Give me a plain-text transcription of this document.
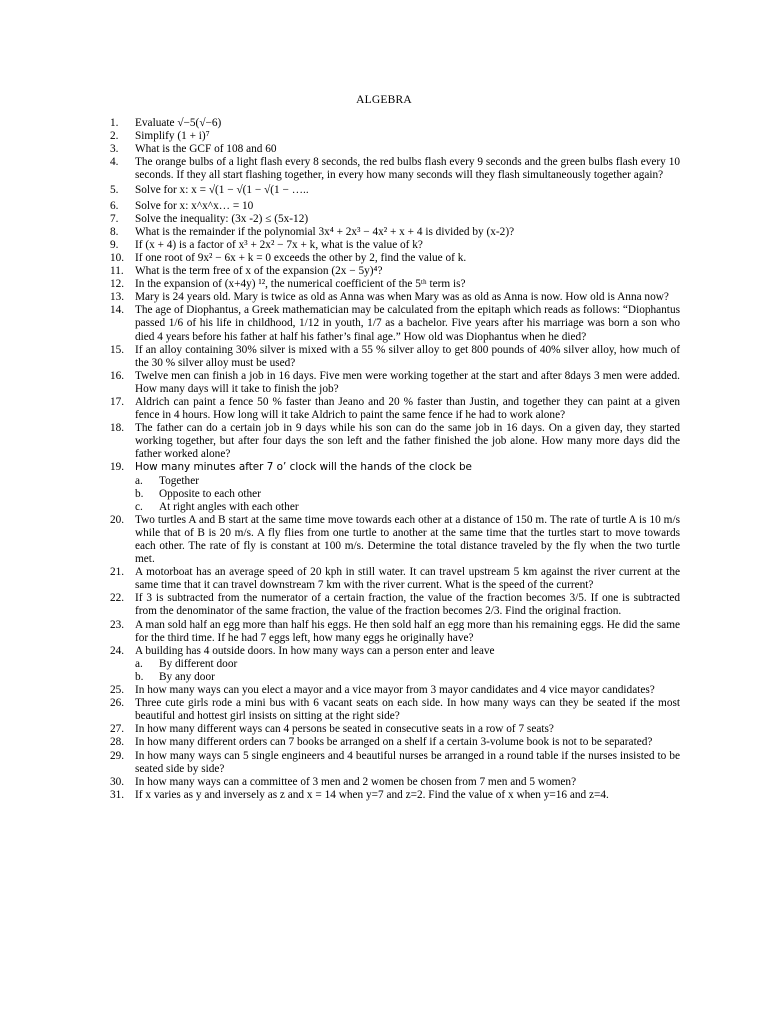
ALGEBRA
1.	Evaluate √−5(√−6)
2.	Simplify (1 + i)⁷
3.	What is the GCF of 108 and 60
4.	The orange bulbs of a light flash every 8 seconds, the red bulbs flash every 9 seconds and the green bulbs flash every 10 seconds. If they all start flashing together, in every how many seconds will they flash simultaneously together again?
5.	Solve for x: x = √(1 − √(1 − √(1 − …..
6.	Solve for x: x^x^x… = 10
7.	Solve the inequality: (3x -2) ≤ (5x-12)
8.	What is the remainder if the polynomial 3x⁴ + 2x³ − 4x² + x + 4 is divided by (x-2)?
9.	If (x + 4) is a factor of x³ + 2x² − 7x + k, what is the value of k?
10. If one root of 9x² − 6x + k = 0 exceeds the other by 2, find the value of k.
11. What is the term free of x of the expansion (2x − 5y)⁴?
12. In the expansion of (x+4y) ¹², the numerical coefficient of the 5ᵗʰ term is?
13. Mary is 24 years old. Mary is twice as old as Anna was when Mary was as old as Anna is now. How old is Anna now?
14. The age of Diophantus, a Greek mathematician may be calculated from the epitaph which reads as follows: “Diophantus passed 1/6 of his life in childhood, 1/12 in youth, 1/7 as a bachelor. Five years after his marriage was born a son who died 4 years before his father at half his father’s final age.” How old was Diophantus when he died?
15. If an alloy containing 30% silver is mixed with a 55 % silver alloy to get 800 pounds of 40% silver alloy, how much of the 30 % silver alloy must be used?
16. Twelve men can finish a job in 16 days. Five men were working together at the start and after 8days 3 men were added. How many days will it take to finish the job?
17. Aldrich can paint a fence 50 % faster than Jeano and 20 % faster than Justin, and together they can paint at a given fence in 4 hours. How long will it take Aldrich to paint the same fence if he had to work alone?
18. The father can do a certain job in 9 days while his son can do the same job in 16 days. On a given day, they started working together, but after four days the son left and the father finished the job alone. How many more days did the father worked alone?
19.	How many minutes after 7 o’ clock will the hands of the clock be
a. Together
b. Opposite to each other
c. At right angles with each other
20. Two turtles A and B start at the same time move towards each other at a distance of 150 m. The rate of turtle A is 10 m/s while that of B is 20 m/s. A fly flies from one turtle to another at the same time that the turtles start to move towards each other. The rate of fly is constant at 100 m/s. Determine the total distance traveled by the fly when the two turtle met.
21. A motorboat has an average speed of 20 kph in still water. It can travel upstream 5 km against the river current at the same time that it can travel downstream 7 km with the river current. What is the speed of the current?
22. If 3 is subtracted from the numerator of a certain fraction, the value of the fraction becomes 3/5. If one is subtracted from the denominator of the same fraction, the value of the fraction becomes 2/3. Find the original fraction.
23. A man sold half an egg more than half his eggs. He then sold half an egg more than his remaining eggs. He did the same for the third time. If he had 7 eggs left, how many eggs he originally have?
24. A building has 4 outside doors. In how many ways can a person enter and leave
a. By different door
b. By any door
25. In how many ways can you elect a mayor and a vice mayor from 3 mayor candidates and 4 vice mayor candidates?
26. Three cute girls rode a mini bus with 6 vacant seats on each side. In how many ways can they be seated if the most beautiful and hottest girl insists on sitting at the right side?
27. In how many different ways can 4 persons be seated in consecutive seats in a row of 7 seats?
28. In how many different orders can 7 books be arranged on a shelf if a certain 3-volume book is not to be separated?
29. In how many ways can 5 single engineers and 4 beautiful nurses be arranged in a round table if the nurses insisted to be seated side by side?
30. In how many ways can a committee of 3 men and 2 women be chosen from 7 men and 5 women?
31. If x varies as y and inversely as z and x = 14 when y=7 and z=2. Find the value of x when y=16 and z=4.
